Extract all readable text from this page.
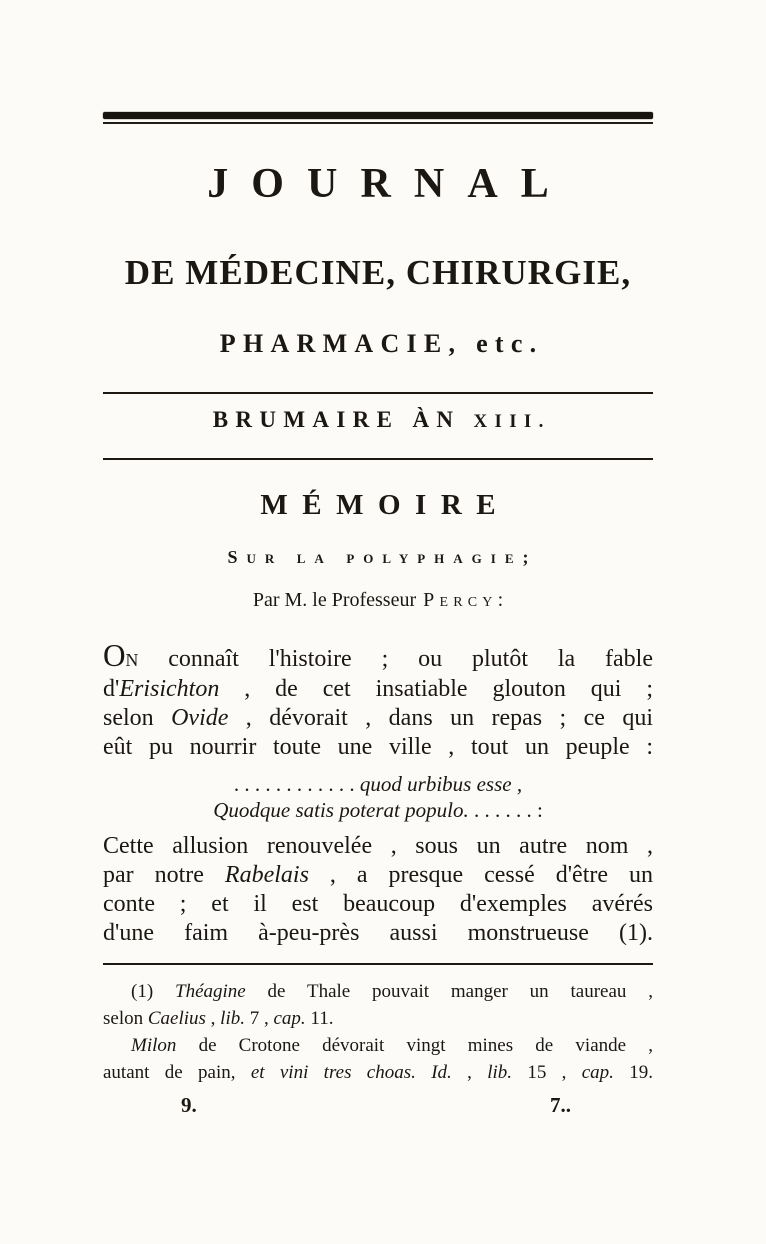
JOURNAL
DE MÉDECINE, CHIRURGIE,
PHARMACIE, etc.
BRUMAIRE ÀN XIII.
MÉMOIRE
Sur la polyphagie;
Par M. le Professeur Percy:
ON connaît l'histoire ; ou plutôt la fable
d'Erisichton , de cet insatiable glouton qui ;
selon Ovide , dévorait , dans un repas ; ce qui
eût pu nourrir toute une ville , tout un peuple :
. . . . . . . . . . . . quod urbibus esse ,
Quodque satis poterat populo. . . . . . . :
Cette allusion renouvelée , sous un autre nom ,
par notre Rabelais , a presque cessé d'être un
conte ; et il est beaucoup d'exemples avérés
d'une faim à-peu-près aussi monstrueuse (1).
(1) Théagine de Thale pouvait manger un taureau ,
selon Caelius , lib. 7 , cap. 11.
Milon de Crotone dévorait vingt mines de viande ,
autant de pain, et vini tres choas. Id. , lib. 15 , cap. 19.
9.	7..
